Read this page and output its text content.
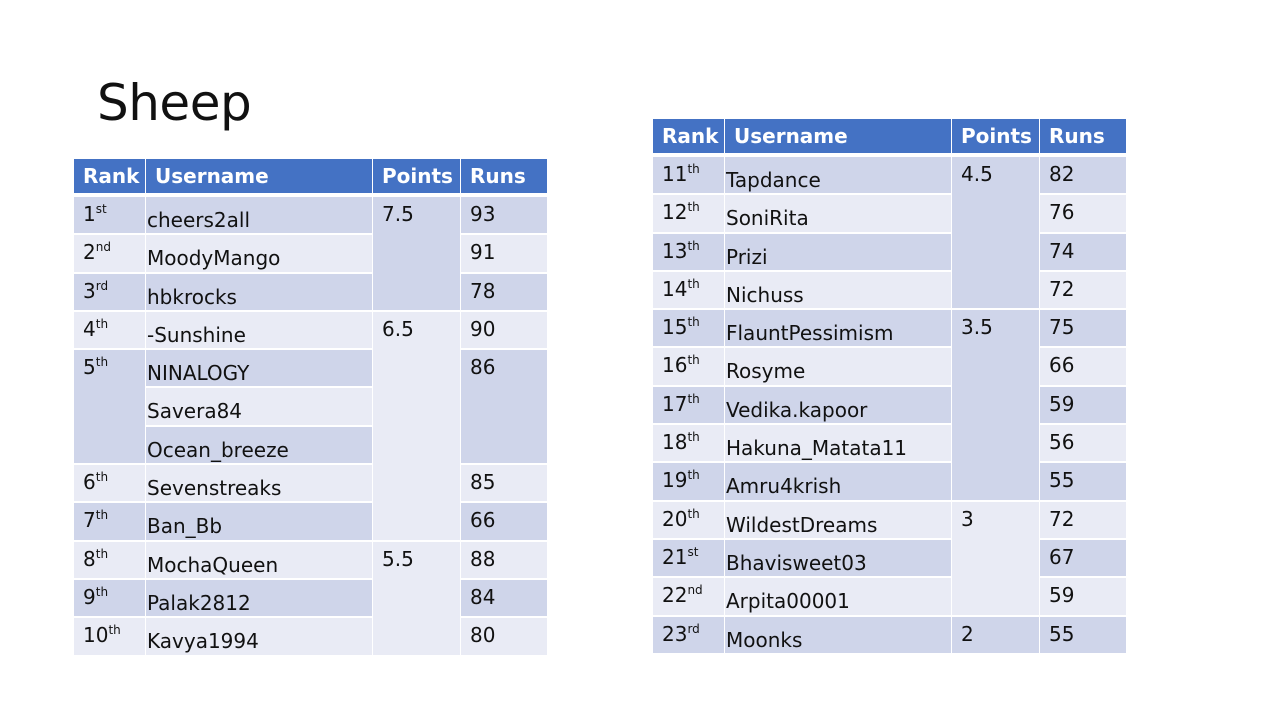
Sheep
Rank	Username	Points	Runs
1st	cheers2all	7.5	93
2nd	MoodyMango		91
3rd	hbkrocks		78
4th	-Sunshine	6.5	90
5th	NINALOGY		86
	Savera84		
	Ocean_breeze		
6th	Sevenstreaks		85
7th	Ban_Bb		66
8th	MochaQueen	5.5	88
9th	Palak2812		84
10th	Kavya1994		80
Rank	Username	Points	Runs
11th	Tapdance	4.5	82
12th	SoniRita		76
13th	Prizi		74
14th	Nichuss		72
15th	FlauntPessimism	3.5	75
16th	Rosyme		66
17th	Vedika.kapoor		59
18th	Hakuna_Matata11		56
19th	Amru4krish		55
20th	WildestDreams	3	72
21st	Bhavisweet03		67
22nd	Arpita00001		59
23rd	Moonks	2	55
